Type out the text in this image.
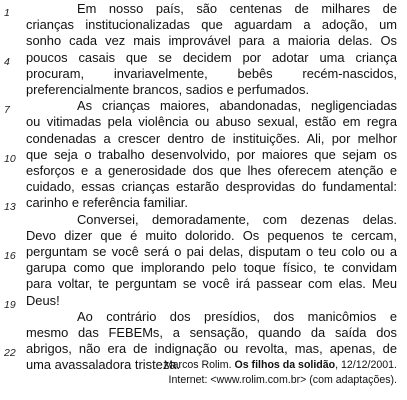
1	Em nosso país, são centenas de milhares de
crianças institucionalizadas que aguardam a adoção, um
sonho cada vez mais improvável para a maioria delas. Os
4 poucos casais que se decidem por adotar uma criança
procuram, invariavelmente, bebês recém-nascidos,
preferencialmente brancos, sadios e perfumados.
7	As crianças maiores, abandonadas, negligenciadas
ou vitimadas pela violência ou abuso sexual, estão em regra
condenadas a crescer dentro de instituições. Ali, por melhor
10 que seja o trabalho desenvolvido, por maiores que sejam os
esforços e a generosidade dos que lhes oferecem atenção e
cuidado, essas crianças estarão desprovidas do fundamental:
13 carinho e referência familiar.
Conversei, demoradamente, com dezenas delas.
Devo dizer que é muito dolorido. Os pequenos te cercam,
16 perguntam se você será o pai delas, disputam o teu colo ou a
garupa como que implorando pelo toque físico, te convidam
para voltar, te perguntam se você irá passear com elas. Meu
19 Deus!
Ao contrário dos presídios, dos manicômios e
mesmo das FEBEMs, a sensação, quando da saída dos
22 abrigos, não era de indignação ou revolta, mas, apenas, de
uma avassaladora tristeza.
Marcos Rolim. Os filhos da solidão, 12/12/2001.
Internet: <www.rolim.com.br> (com adaptações).
